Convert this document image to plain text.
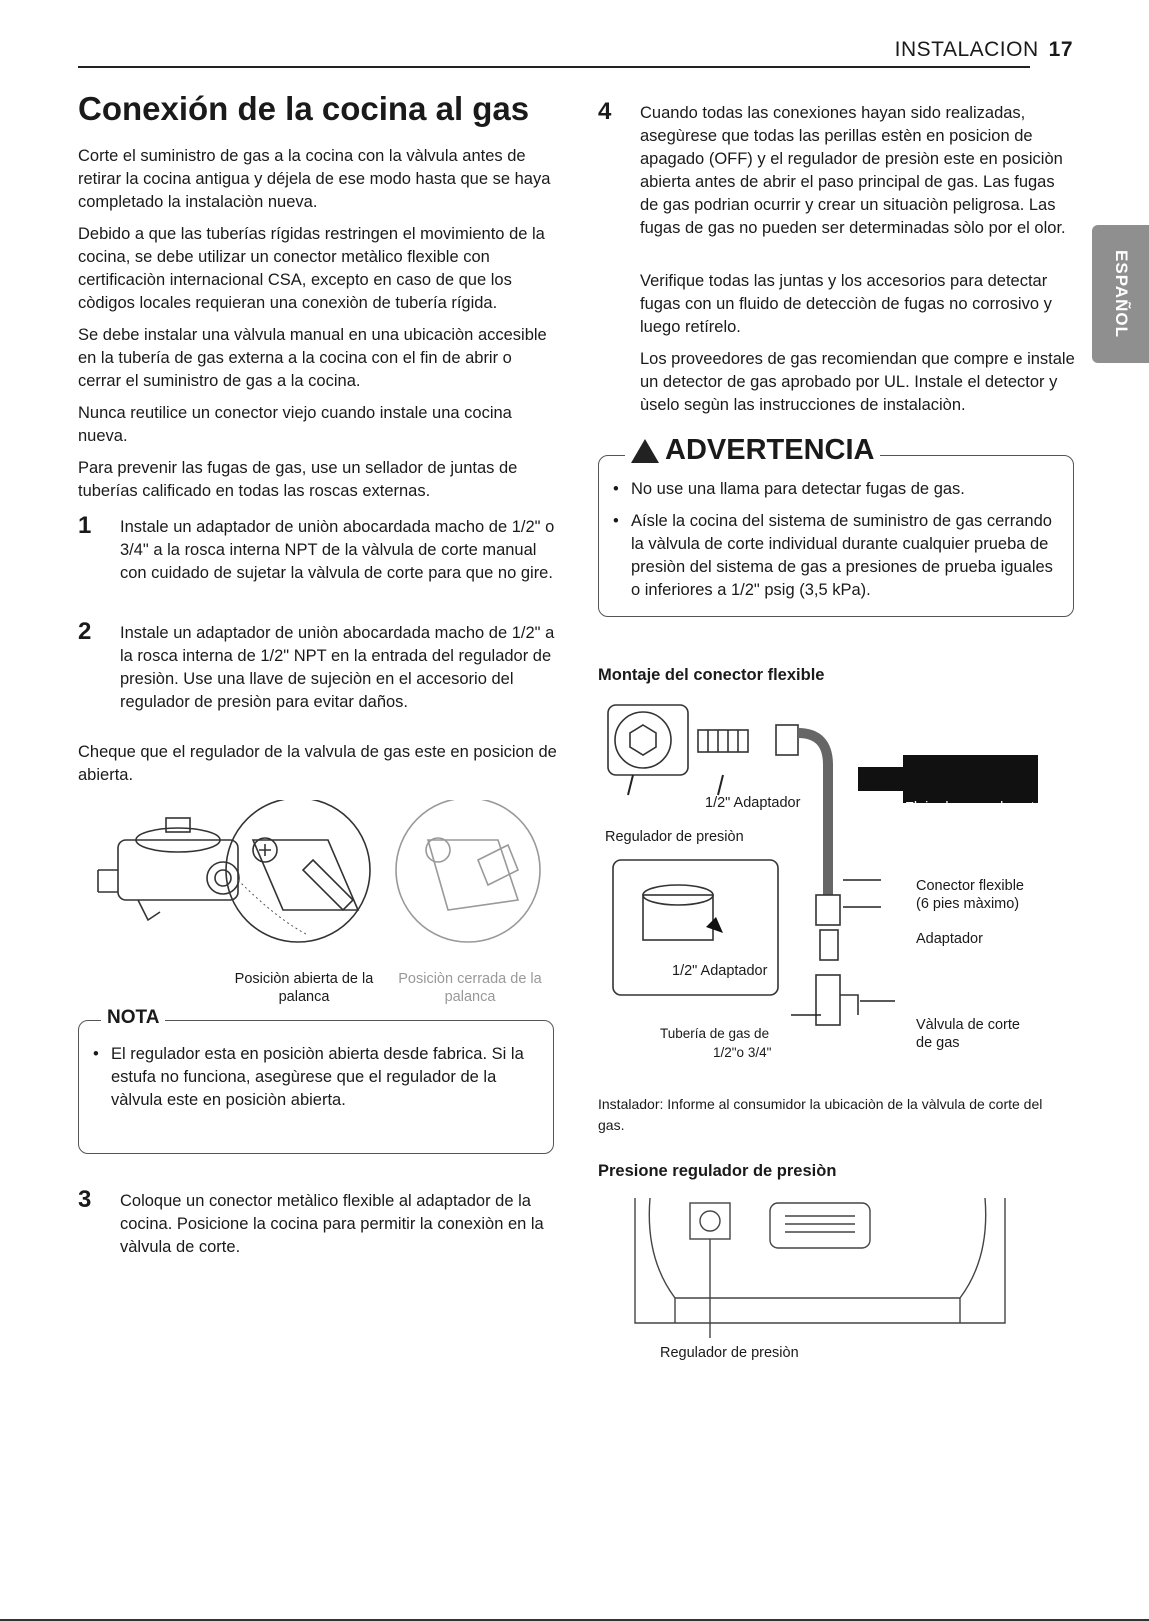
INSTALACION 17
ESPAÑOL
Conexión de la cocina al gas

Corte el suministro de gas a la cocina con la vàlvula antes de retirar la cocina antigua y déjela de ese modo hasta que se haya completado la instalaciòn nueva.

Debido a que las tuberías rígidas restringen el movimiento de la cocina, se debe utilizar un conector metàlico flexible con certificaciòn internacional CSA, excepto en caso de que los còdigos locales requieran una conexiòn de tubería rígida.

Se debe instalar una vàlvula manual en una ubicaciòn accesible en la tubería de gas externa a la cocina con el fin de abrir o cerrar el suministro de gas a la cocina.

Nunca reutilice un conector viejo cuando instale una cocina nueva.

Para prevenir las fugas de gas, use un sellador de juntas de tuberías calificado en todas las roscas externas.

1 Instale un adaptador de uniòn abocardada macho de 1/2" o 3/4" a la rosca interna NPT de la vàlvula de corte manual con cuidado de sujetar la vàlvula de corte para que no gire.
2 Instale un adaptador de uniòn abocardada macho de 1/2" a la rosca interna de 1/2" NPT en la entrada del regulador de presiòn. Use una llave de sujeciòn en el accesorio del regulador de presiòn para evitar daños.
Cheque que el regulador de la valvula de gas este en posicion de abierta.
Posiciòn abierta de la palanca
Posiciòn cerrada de la palanca
NOTA
• El regulador esta en posiciòn abierta desde fabrica. Si la estufa no funciona, asegùrese que el regulador de la vàlvula este en posiciòn abierta.
3 Coloque un conector metàlico flexible al adaptador de la cocina. Posicione la cocina para permitir la conexiòn en la vàlvula de corte.
4 Cuando todas las conexiones hayan sido realizadas, asegùrese que todas las perillas estèn en posicion de apagado (OFF) y el regulador de presiòn este en posiciòn abierta antes de abrir el paso principal de gas. Las fugas de gas podrian ocurrir y crear un situaciòn peligrosa. Las fugas de gas no pueden ser determinadas sòlo por el olor.
Verifique todas las juntas y los accesorios para detectar fugas con un fluido de detecciòn de fugas no corrosivo y luego retírelo.
Los proveedores de gas recomiendan que compre e instale un detector de gas aprobado por UL. Instale el detector y ùselo segùn las instrucciones de instalaciòn.
ADVERTENCIA
• No use una llama para detectar fugas de gas.
• Aísle la cocina del sistema de suministro de gas cerrando la vàlvula de corte individual durante cualquier prueba de presiòn del sistema de gas a presiones de prueba iguales o inferiores a 1/2" psig (3,5 kPa).
Montaje del conector flexible
1/2" Adaptador
Regulador de presiòn
Flujo de gas a la estufa
Conector flexible
(6 pies màximo)
Adaptador
1/2" Adaptador
Tubería de gas de
1/2"o 3/4"
Vàlvula de corte
de gas
Instalador: Informe al consumidor la ubicaciòn de la vàlvula de corte del gas.
Presione regulador de presiòn
Regulador de presiòn
